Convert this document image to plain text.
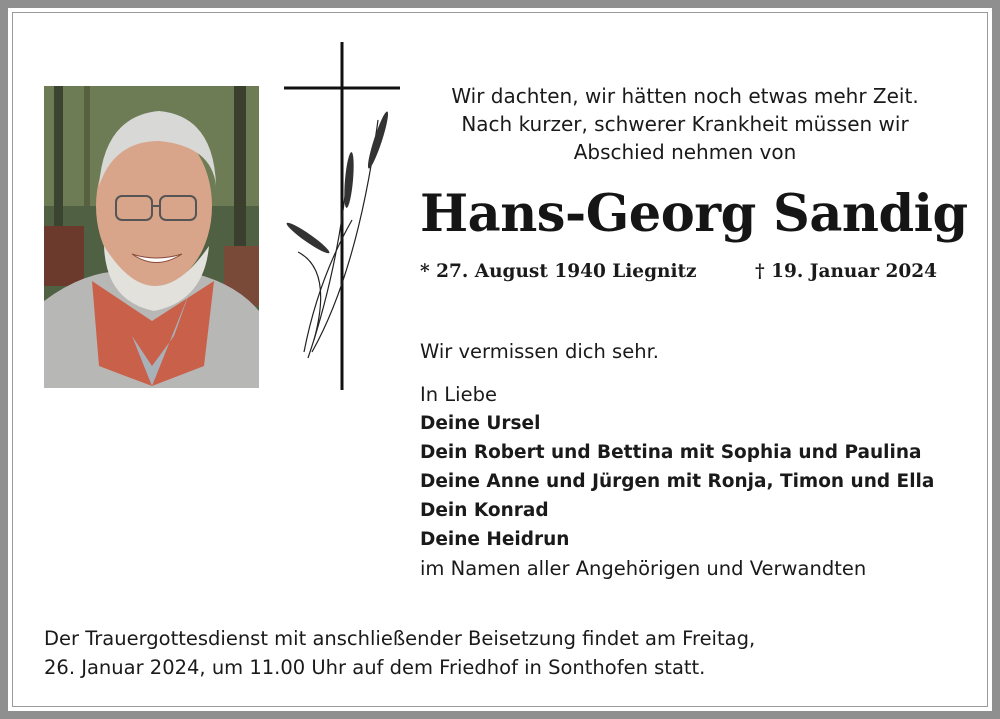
Wir dachten, wir hätten noch etwas mehr Zeit.
Nach kurzer, schwerer Krankheit müssen wir
Abschied nehmen von
Hans-Georg Sandig
* 27. August 1940 Liegnitz	† 19. Januar 2024
Wir vermissen dich sehr.
In Liebe
Deine Ursel
Dein Robert und Bettina mit Sophia und Paulina
Deine Anne und Jürgen mit Ronja, Timon und Ella
Dein Konrad
Deine Heidrun
im Namen aller Angehörigen und Verwandten
Der Trauergottesdienst mit anschließender Beisetzung findet am Freitag,
26. Januar 2024, um 11.00 Uhr auf dem Friedhof in Sonthofen statt.
